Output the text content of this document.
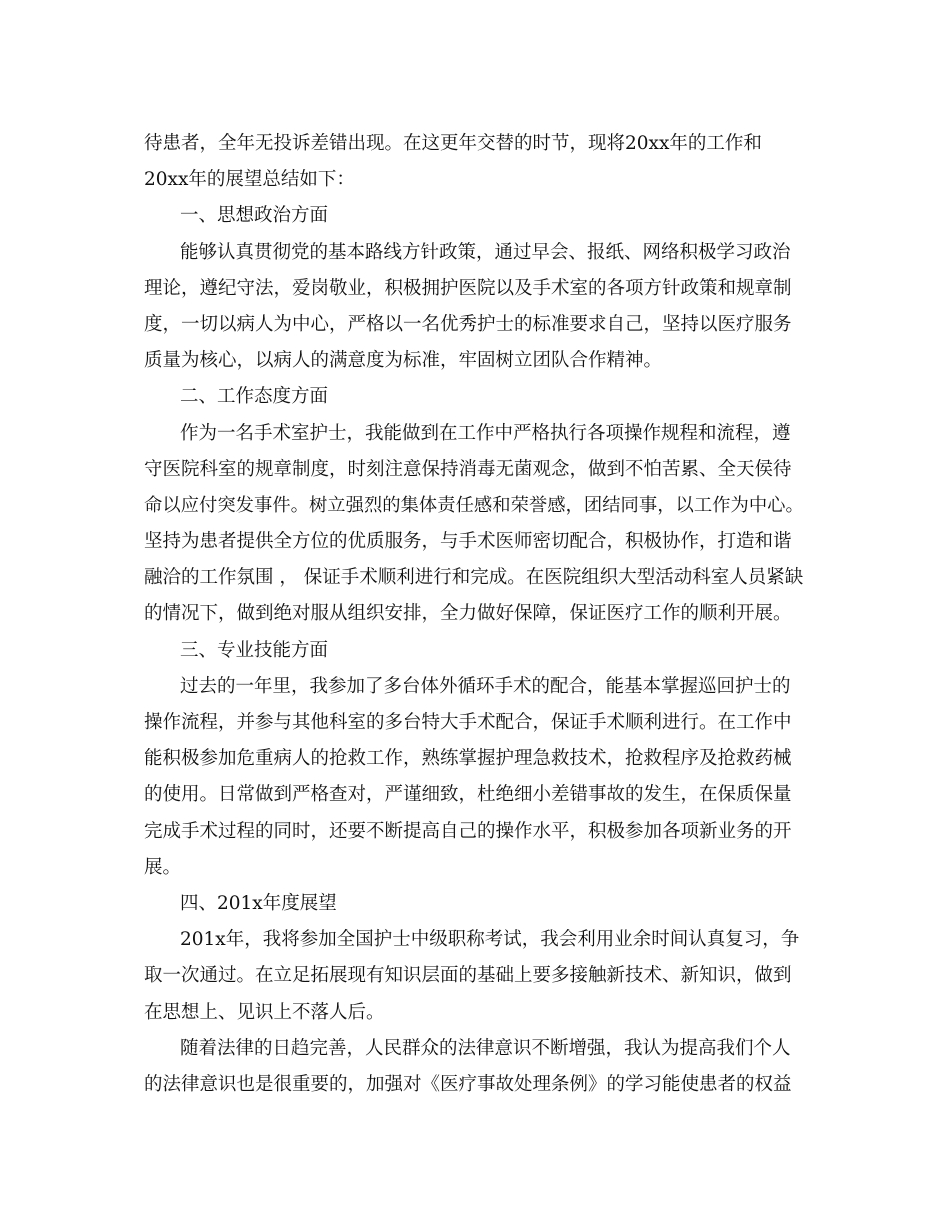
待患者，全年无投诉差错出现。在这更年交替的时节，现将20xx年的工作和
20xx年的展望总结如下：
一、思想政治方面
能够认真贯彻党的基本路线方针政策，通过早会、报纸、网络积极学习政治
理论，遵纪守法，爱岗敬业，积极拥护医院以及手术室的各项方针政策和规章制
度，一切以病人为中心，严格以一名优秀护士的标准要求自己，坚持以医疗服务
质量为核心，以病人的满意度为标准，牢固树立团队合作精神。
二、工作态度方面
作为一名手术室护士，我能做到在工作中严格执行各项操作规程和流程，遵
守医院科室的规章制度，时刻注意保持消毒无菌观念，做到不怕苦累、全天侯待
命以应付突发事件。树立强烈的集体责任感和荣誉感，团结同事，以工作为中心。
坚持为患者提供全方位的优质服务，与手术医师密切配合，积极协作，打造和谐
融洽的工作氛围 ， 保证手术顺利进行和完成。在医院组织大型活动科室人员紧缺
的情况下，做到绝对服从组织安排，全力做好保障，保证医疗工作的顺利开展。
三、专业技能方面
过去的一年里，我参加了多台体外循环手术的配合，能基本掌握巡回护士的
操作流程，并参与其他科室的多台特大手术配合，保证手术顺利进行。在工作中
能积极参加危重病人的抢救工作，熟练掌握护理急救技术，抢救程序及抢救药械
的使用。日常做到严格查对，严谨细致，杜绝细小差错事故的发生，在保质保量
完成手术过程的同时，还要不断提高自己的操作水平，积极参加各项新业务的开
展。
四、201x年度展望
201x年，我将参加全国护士中级职称考试，我会利用业余时间认真复习，争
取一次通过。在立足拓展现有知识层面的基础上要多接触新技术、新知识，做到
在思想上、见识上不落人后。
随着法律的日趋完善，人民群众的法律意识不断增强，我认为提高我们个人
的法律意识也是很重要的，加强对《医疗事故处理条例》的学习能使患者的权益
